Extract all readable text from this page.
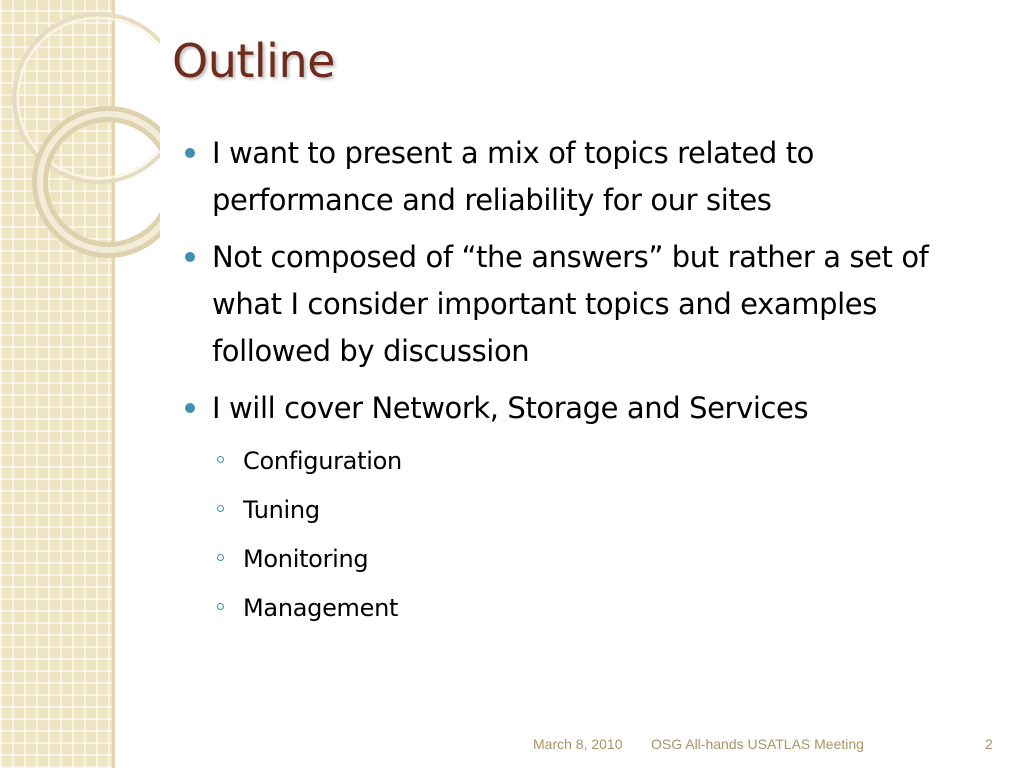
Outline
I want to present a mix of topics related to performance and reliability for our sites
Not composed of “the answers” but rather a set of what I consider important topics and examples followed by discussion
I will cover Network, Storage and Services
Configuration
Tuning
Monitoring
Management
March 8, 2010 OSG All-hands USATLAS Meeting	2
